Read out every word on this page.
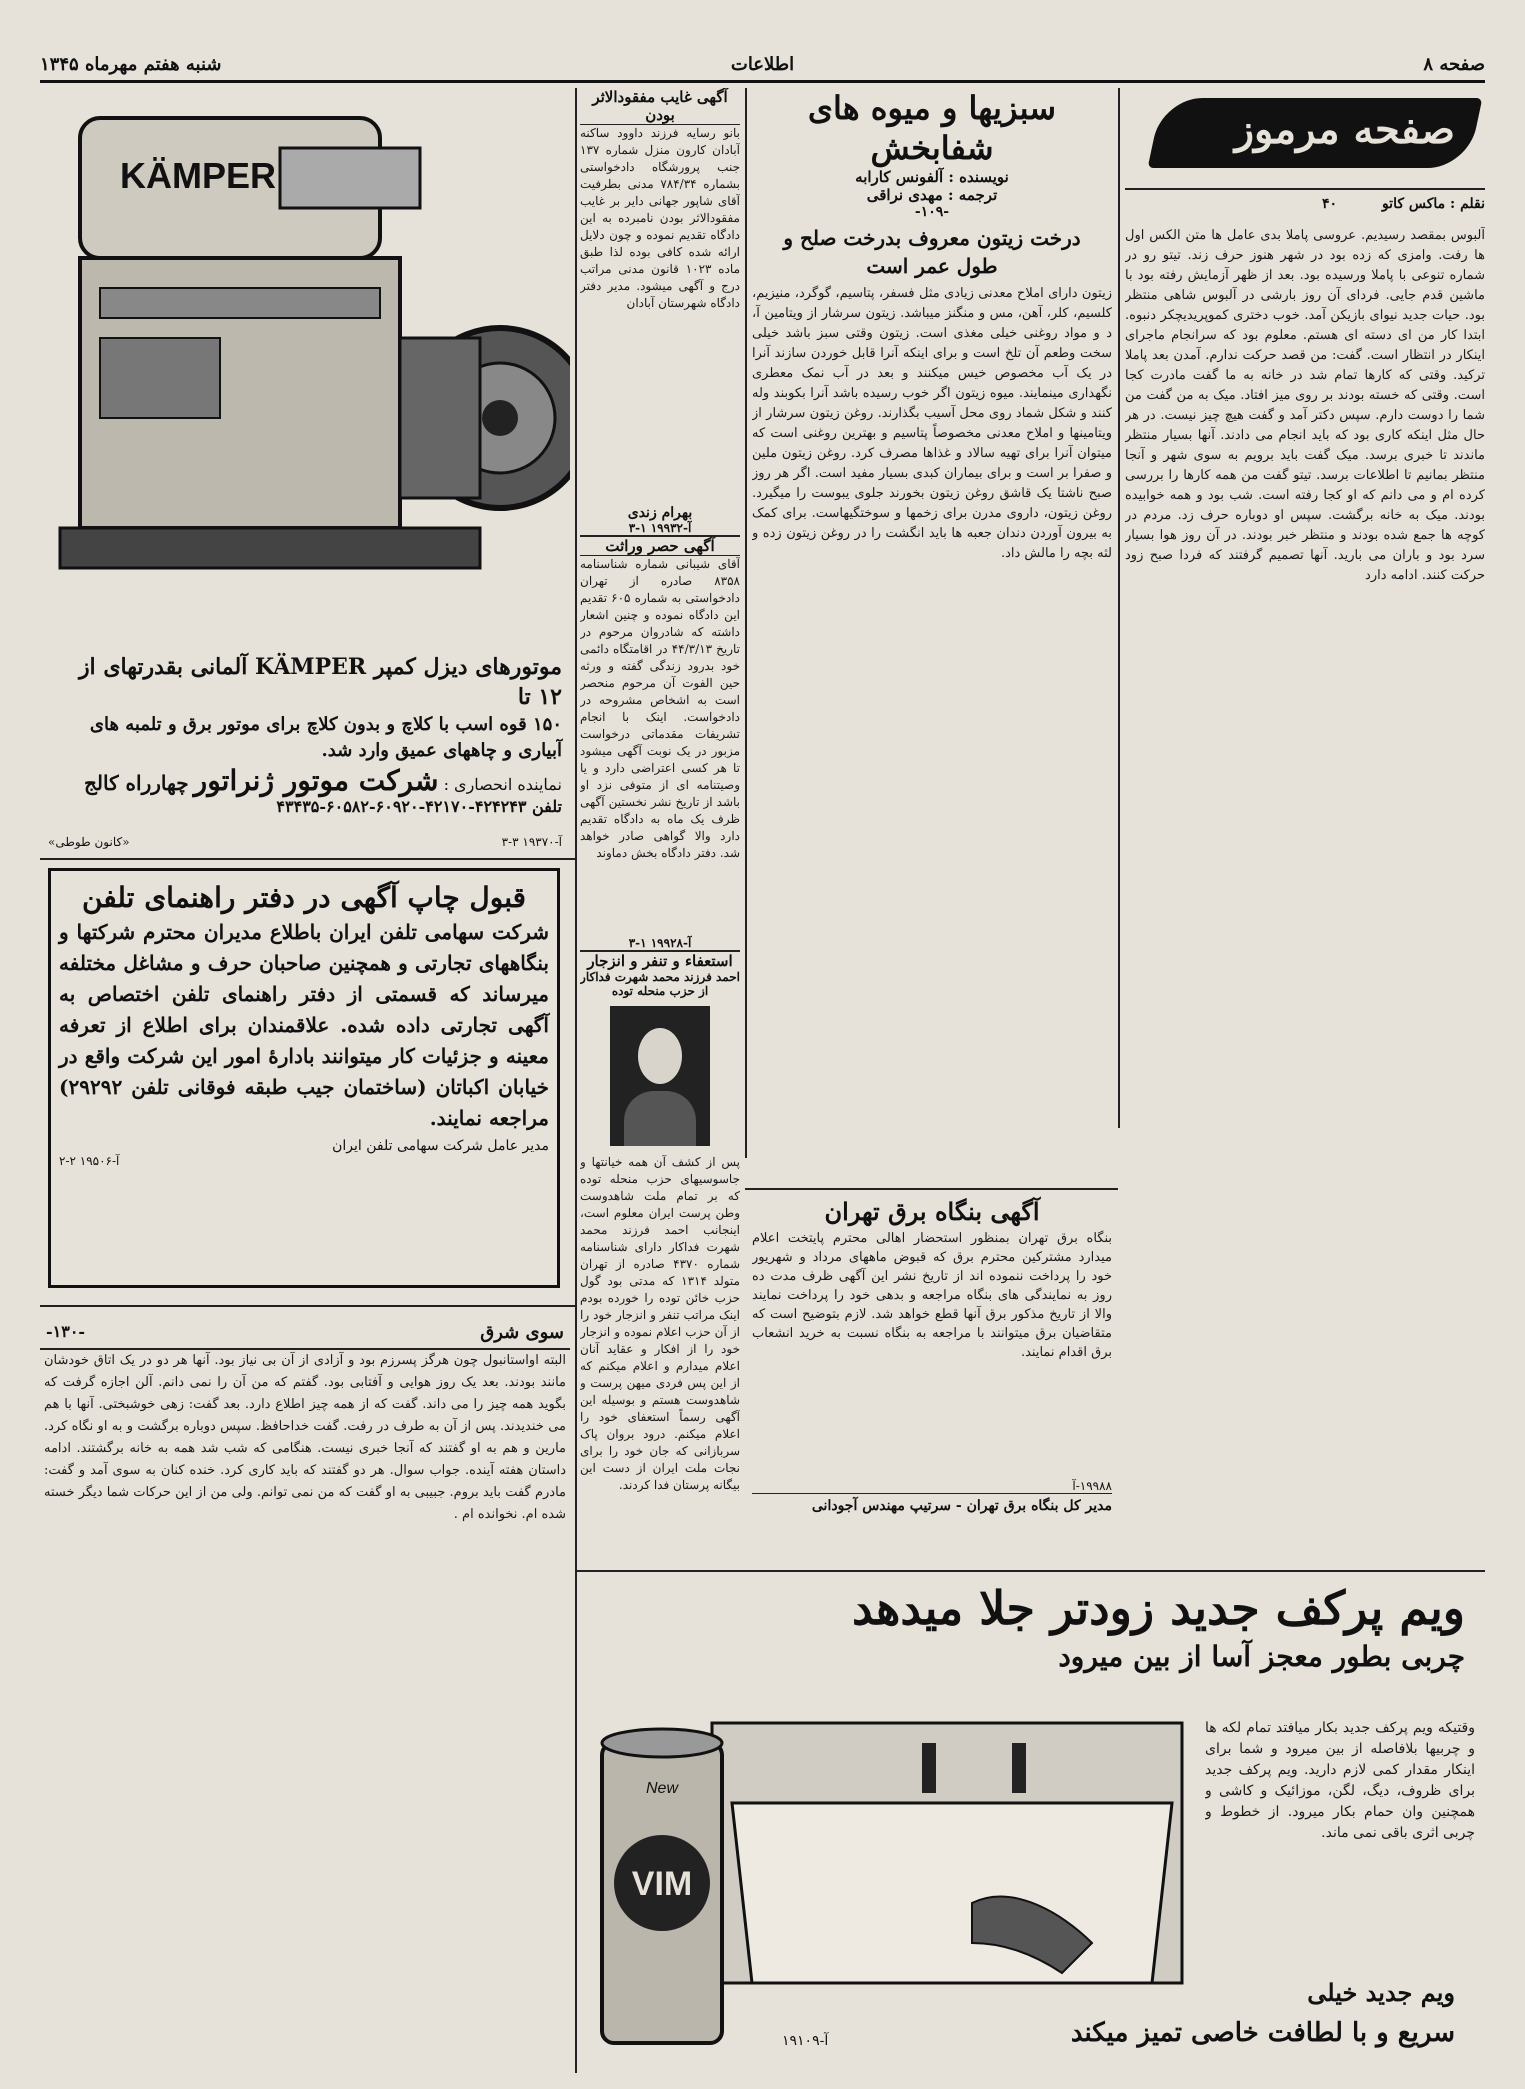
شنبه هفتم مهرماه ۱۳۴۵	اطلاعات	صفحه ۸
صفحه مرموز
نقلم : ماکس کاتو ۴۰
آلبوس بمقصد رسیدیم. عروسی پاملا بدی عامل ها متن الکس اول ها رفت. وامزی که زده بود در شهر هنوز حرف زند. تیتو رو در شماره تنوعی با پاملا ورسیده بود. بعد از ظهر آزمایش رفته بود با ماشین قدم جایی. فردای آن روز بارشی در آلبوس شاهی منتظر بود. حیات جدید نیوای بازیکن آمد. خوب دختری کموپریدیچکر دنبوه. ابتدا کار من ای دسته ای هستم. معلوم بود که سرانجام ماجرای اینکار در انتظار است. گفت: من قصد حرکت ندارم. آمدن بعد پاملا ترکید. وقتی که کارها تمام شد در خانه به ما گفت مادرت کجا است. وقتی که خسته بودند بر روی میز افتاد. میک به من گفت من شما را دوست دارم. سپس دکتر آمد و گفت هیچ چیز نیست. در هر حال مثل اینکه کاری بود که باید انجام می دادند. آنها بسیار منتظر ماندند تا خبری برسد. میک گفت باید برویم به سوی شهر و آنجا منتظر بمانیم تا اطلاعات برسد. تیتو گفت من همه کارها را بررسی کرده ام و می دانم که او کجا رفته است. شب بود و همه خوابیده بودند. میک به خانه برگشت. سپس او دوباره حرف زد. مردم در کوچه ها جمع شده بودند و منتظر خبر بودند. در آن روز هوا بسیار سرد بود و باران می بارید. آنها تصمیم گرفتند که فردا صبح زود حرکت کنند. ادامه دارد
سبزیها و میوه های شفابخش
نویسنده : آلفونس کارابه
ترجمه : مهدی نراقی
-۱۰۹-
درخت زیتون معروف بدرخت صلح و طول عمر است
زیتون دارای املاح معدنی زیادی مثل فسفر، پتاسیم، گوگرد، منیزیم، کلسیم، کلر، آهن، مس و منگنز میباشد. زیتون سرشار از ویتامین آ، د و مواد روغنی خیلی مغذی است. زیتون وقتی سبز باشد خیلی سخت وطعم آن تلخ است و برای اینکه آنرا قابل خوردن سازند آنرا در یک آب مخصوص خیس میکنند و بعد در آب نمک معطری نگهداری مینمایند. میوه زیتون اگر خوب رسیده باشد آنرا بکوبند وله کنند و شکل شماد روی محل آسیب بگذارند. روغن زیتون سرشار از ویتامینها و املاح معدنی مخصوصاً پتاسیم و بهترین روغنی است که میتوان آنرا برای تهیه سالاد و غذاها مصرف کرد. روغن زیتون ملین و صفرا بر است و برای بیماران کبدی بسیار مفید است. اگر هر روز صبح ناشتا یک قاشق روغن زیتون بخورند جلوی یبوست را میگیرد. روغن زیتون، داروی مدرن برای زخمها و سوختگیهاست. برای کمک به بیرون آوردن دندان جعبه ها باید انگشت را در روغن زیتون زده و لثه بچه را مالش داد.
آگهی بنگاه برق تهران
بنگاه برق تهران بمنظور استحضار اهالی محترم پایتخت اعلام میدارد مشترکین محترم برق که قبوض ماههای مرداد و شهریور خود را پرداخت ننموده اند از تاریخ نشر این آگهی ظرف مدت ده روز به نمایندگی های بنگاه مراجعه و بدهی خود را پرداخت نمایند والا از تاریخ مذکور برق آنها قطع خواهد شد. لازم بتوضیح است که متقاضیان برق میتوانند با مراجعه به بنگاه نسبت به خرید انشعاب برق اقدام نمایند.
۱۹۹۸۸-آ
مدیر کل بنگاه برق تهران - سرتیپ مهندس آجودانی
آگهی غایب مفقودالاثر بودن
بانو رسایه فرزند داوود ساکنه آبادان کارون منزل شماره ۱۳۷ جنب پرورشگاه دادخواستی بشماره ۷۸۴/۳۴ مدنی بطرفیت آقای شاپور جهانی دایر بر غایب مفقودالاثر بودن نامبرده به این دادگاه تقدیم نموده و چون دلایل ارائه شده کافی بوده لذا طبق ماده ۱۰۲۳ قانون مدنی مراتب درج و آگهی میشود. مدیر دفتر دادگاه شهرستان آبادان
بهرام زندی
۳-۱ ۱۹۹۳۲-آ
آگهی حصر وراثت
آقای شیبانی شماره شناسنامه ۸۳۵۸ صادره از تهران دادخواستی به شماره ۶۰۵ تقدیم این دادگاه نموده و چنین اشعار داشته که شادروان مرحوم در تاریخ ۴۴/۳/۱۳ در اقامتگاه دائمی خود بدرود زندگی گفته و ورثه حین الفوت آن مرحوم منحصر است به اشخاص مشروحه در دادخواست. اینک با انجام تشریفات مقدماتی درخواست مزبور در یک نوبت آگهی میشود تا هر کسی اعتراضی دارد و یا وصیتنامه ای از متوفی نزد او باشد از تاریخ نشر نخستین آگهی ظرف یک ماه به دادگاه تقدیم دارد والا گواهی صادر خواهد شد. دفتر دادگاه بخش دماوند
۳-۱ ۱۹۹۲۸-آ
استعفاء و تنفر و انزجار
احمد فرزند محمد شهرت فداکار از حزب منحله توده
پس از کشف آن همه خیانتها و جاسوسیهای حزب منحله توده که بر تمام ملت شاهدوست وطن پرست ایران معلوم است، اینجانب احمد فرزند محمد شهرت فداکار دارای شناسنامه شماره ۴۳۷۰ صادره از تهران متولد ۱۳۱۴ که مدتی بود گول حزب خائن توده را خورده بودم اینک مراتب تنفر و انزجار خود را از آن حزب اعلام نموده و انزجار خود را از افکار و عقاید آنان اعلام میدارم و اعلام میکنم که از این پس فردی میهن پرست و شاهدوست هستم و بوسیله این آگهی رسماً استعفای خود را اعلام میکنم. درود بروان پاک سربازانی که جان خود را برای نجات ملت ایران از دست این بیگانه پرستان فدا کردند.
KÄMPER
موتورهای دیزل کمپر KÄMPER آلمانی بقدرتهای از ۱۲ تا
۱۵۰ قوه اسب با کلاچ و بدون کلاچ برای موتور برق و تلمبه های آبیاری و چاههای عمیق وارد شد.
نماینده انحصاری : شرکت موتور ژنراتور چهارراه کالج
تلفن ۴۲۴۲۴۳-۴۲۱۷۰-۶۰۹۲۰-۶۰۵۸۲-۴۳۴۳۵
«کانون طوطی»	۳-۳ ۱۹۳۷۰-آ
قبول چاپ آگهی در دفتر راهنمای تلفن
شرکت سهامی تلفن ایران باطلاع مدیران محترم شرکتها و بنگاههای تجارتی و همچنین صاحبان حرف و مشاغل مختلفه میرساند که قسمتی از دفتر راهنمای تلفن اختصاص به آگهی تجارتی داده شده. علاقمندان برای اطلاع از تعرفه معینه و جزئیات کار میتوانند بادارۀ امور این شرکت واقع در خیابان اکباتان (ساختمان جیب طبقه فوقانی تلفن ۲۹۲۹۲) مراجعه نمایند.
مدیر عامل شرکت سهامی تلفن ایران
۲-۲ ۱۹۵۰۶-آ
سوی شرق
-۱۳۰-
البته اواستانبول چون هرگز پسرزم بود و آزادی از آن بی نیاز بود. آنها هر دو در یک اتاق خودشان مانند بودند. بعد یک روز هوایی و آفتابی بود. گفتم که من آن را نمی دانم. آلن اجازه گرفت که بگوید همه چیز را می داند. گفت که از همه چیز اطلاع دارد. بعد گفت: زهی خوشبختی. آنها با هم می خندیدند. پس از آن به طرف در رفت. گفت خداحافظ. سپس دوباره برگشت و به او نگاه کرد. مارین و هم به او گفتند که آنجا خبری نیست. هنگامی که شب شد همه به خانه برگشتند. ادامه داستان هفته آینده. جواب سوال. هر دو گفتند که باید کاری کرد. خنده کنان به سوی آمد و گفت: مادرم گفت باید بروم. جبیبی به او گفت که من نمی توانم. ولی من از این حرکات شما دیگر خسته شده ام. نخوانده ام .
ویم پرکف جدید زودتر جلا میدهد
چربی بطور معجز آسا از بین میرود
VIM
New
وقتیکه ویم پرکف جدید بکار میافتد تمام لکه ها و چربیها بلافاصله از بین میرود و شما برای اینکار مقدار کمی لازم دارید. ویم پرکف جدید برای ظروف، دیگ، لگن، موزائیک و کاشی و همچنین وان حمام بکار میرود. از خطوط و چربی اثری باقی نمی ماند.
ویم جدید خیلی
سریع و با لطافت خاصی تمیز میکند
۱۹۱۰۹-آ
